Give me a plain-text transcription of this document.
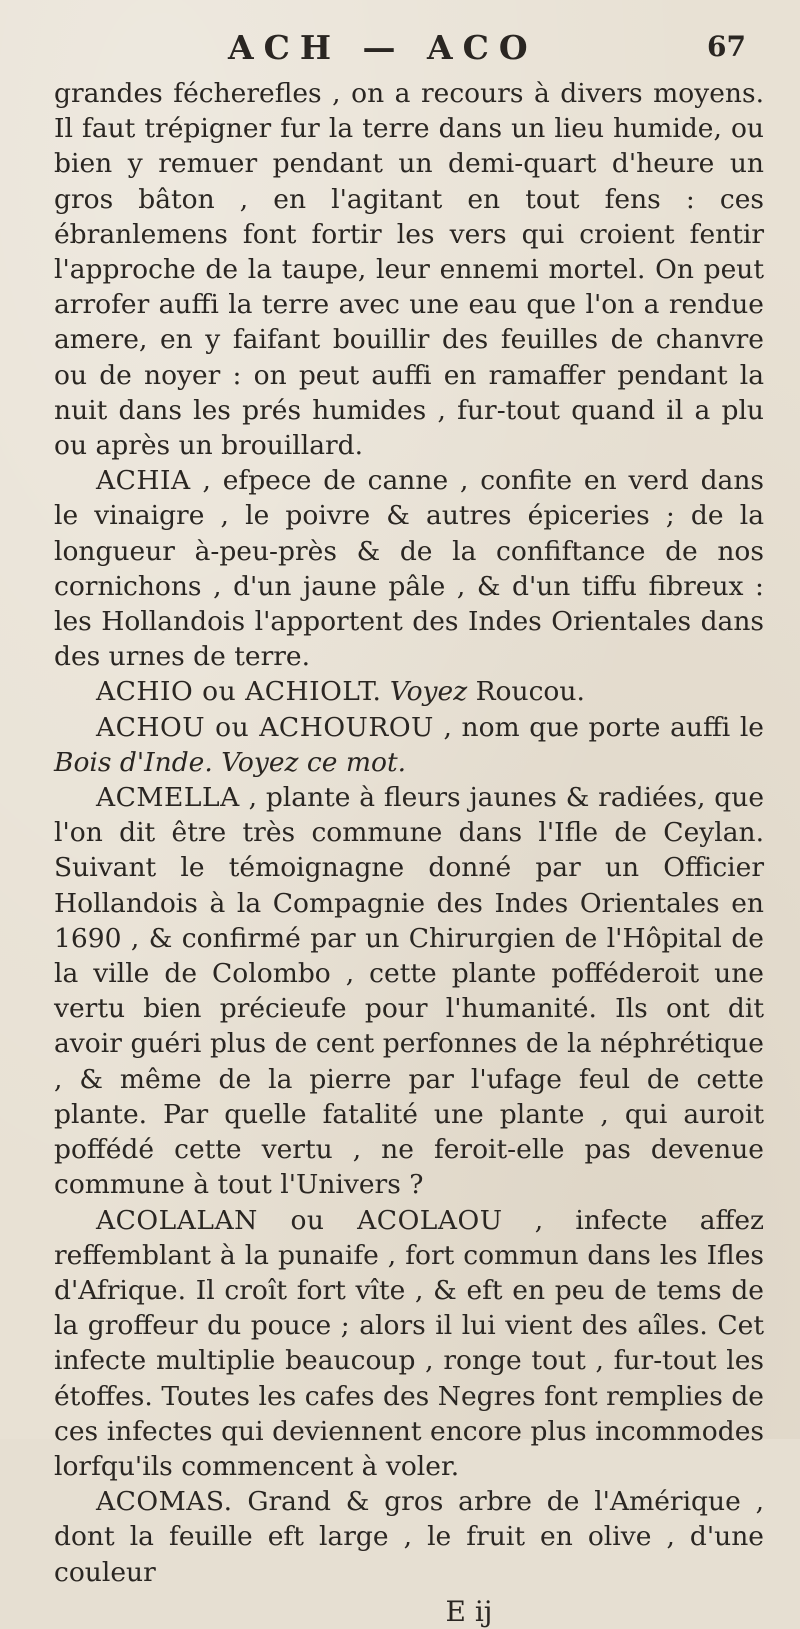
ACH — ACO	67

grandes fécherefles , on a recours à divers moyens. Il faut trépigner fur la terre dans un lieu humide, ou bien y remuer pendant un demi-quart d'heure un gros bâton , en l'agitant en tout fens : ces ébranlemens font fortir les vers qui croient fentir l'approche de la taupe, leur ennemi mortel. On peut arrofer auffi la terre avec une eau que l'on a rendue amere, en y faifant bouillir des feuilles de chanvre ou de noyer : on peut auffi en ramaffer pendant la nuit dans les prés humides , fur-tout quand il a plu ou après un brouillard.

ACHIA , efpece de canne , confite en verd dans le vinaigre , le poivre & autres épiceries ; de la longueur à-peu-près & de la confiftance de nos cornichons , d'un jaune pâle , & d'un tiffu fibreux : les Hollandois l'apportent des Indes Orientales dans des urnes de terre.

ACHIO ou ACHIOLT. Voyez Roucou.

ACHOU ou ACHOUROU , nom que porte auffi le Bois d'Inde. Voyez ce mot.

ACMELLA , plante à fleurs jaunes & radiées, que l'on dit être très commune dans l'Ifle de Ceylan. Suivant le témoignagne donné par un Officier Hollandois à la Compagnie des Indes Orientales en 1690 , & confirmé par un Chirurgien de l'Hôpital de la ville de Colombo , cette plante pofféderoit une vertu bien précieufe pour l'humanité. Ils ont dit avoir guéri plus de cent perfonnes de la néphrétique , & même de la pierre par l'ufage feul de cette plante. Par quelle fatalité une plante , qui auroit poffédé cette vertu , ne feroit-elle pas devenue commune à tout l'Univers ?

ACOLALAN ou ACOLAOU , infecte affez reffemblant à la punaife , fort commun dans les Ifles d'Afrique. Il croît fort vîte , & eft en peu de tems de la groffeur du pouce ; alors il lui vient des aîles. Cet infecte multiplie beaucoup , ronge tout , fur-tout les étoffes. Toutes les cafes des Negres font remplies de ces infectes qui deviennent encore plus incommodes lorfqu'ils commencent à voler.

ACOMAS. Grand & gros arbre de l'Amérique , dont la feuille eft large , le fruit en olive , d'une couleur

E ij
